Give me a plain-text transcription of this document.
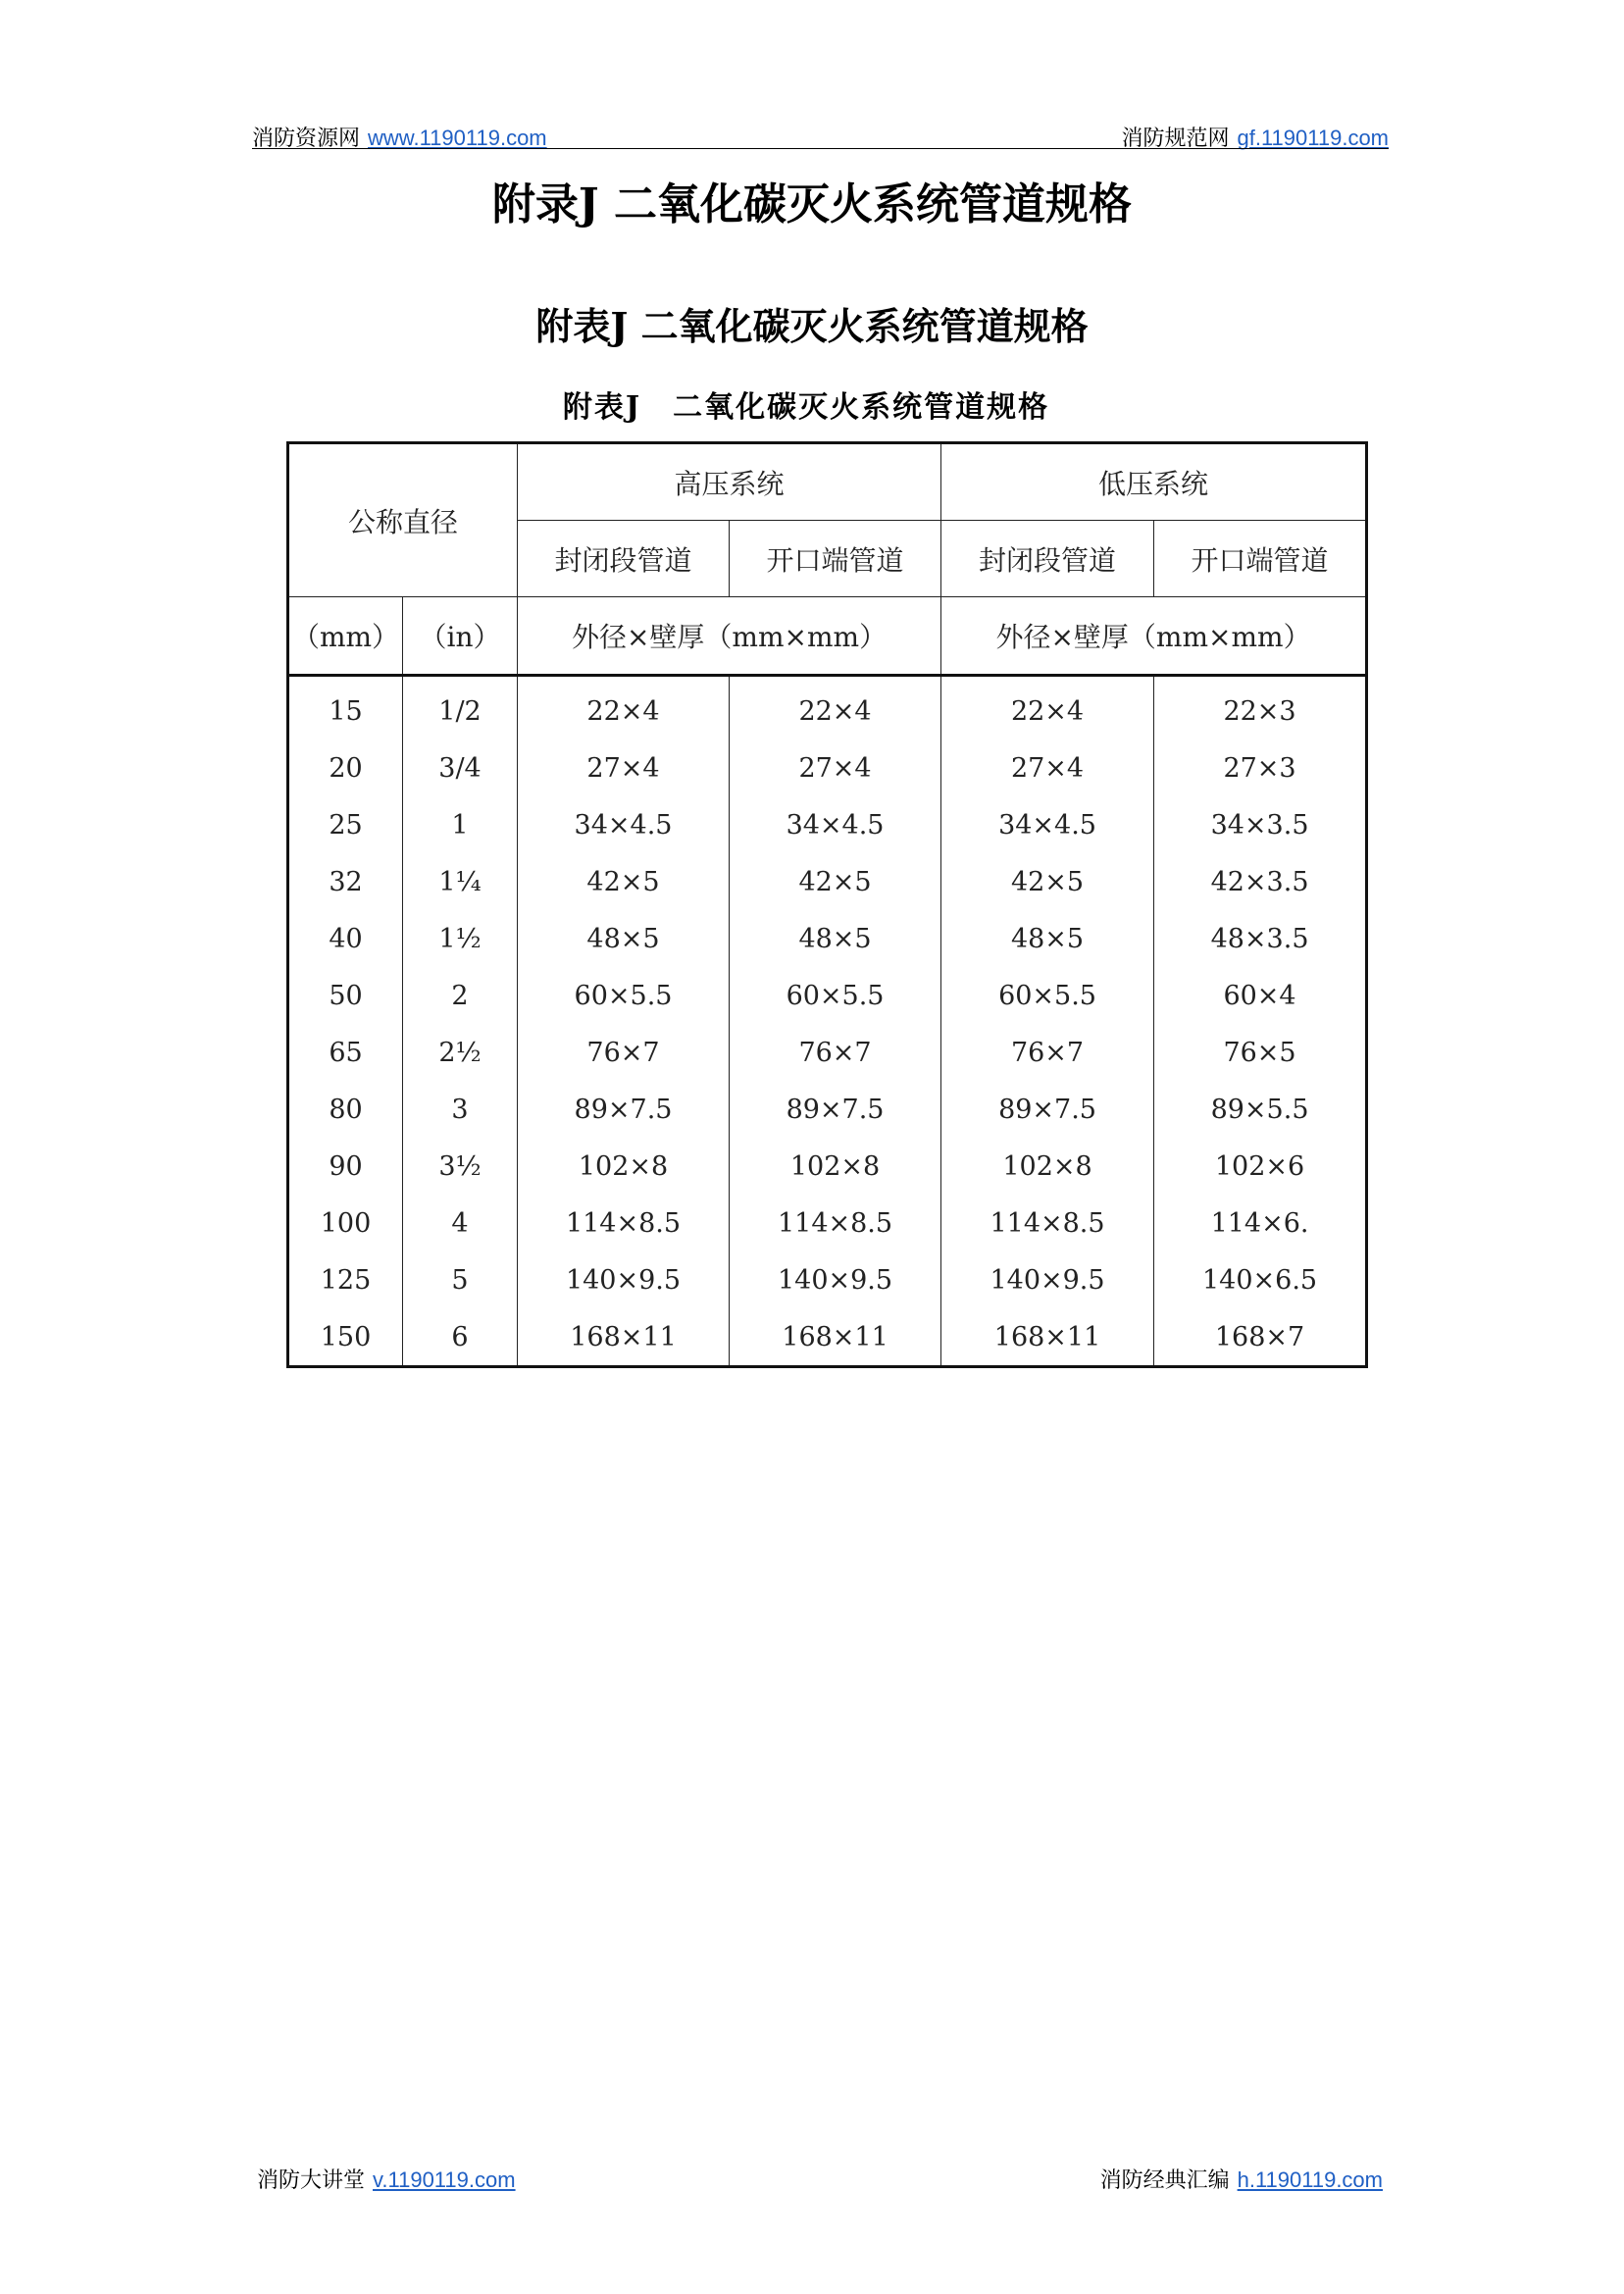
消防资源网 www.1190119.com	消防规范网 gf.1190119.com
附录J 二氧化碳灭火系统管道规格
附表J 二氧化碳灭火系统管道规格
附表J　二氧化碳灭火系统管道规格
公称直径		高压系统		低压系统	
		封闭段管道	开口端管道	封闭段管道	开口端管道
（mm）	（in）	外径×壁厚（mm×mm）		外径×壁厚（mm×mm）	
15	1/2	22×4	22×4	22×4	22×3
20	3/4	27×4	27×4	27×4	27×3
25	1	34×4.5	34×4.5	34×4.5	34×3.5
32	1¼	42×5	42×5	42×5	42×3.5
40	1½	48×5	48×5	48×5	48×3.5
50	2	60×5.5	60×5.5	60×5.5	60×4
65	2½	76×7	76×7	76×7	76×5
80	3	89×7.5	89×7.5	89×7.5	89×5.5
90	3½	102×8	102×8	102×8	102×6
100	4	114×8.5	114×8.5	114×8.5	114×6.
125	5	140×9.5	140×9.5	140×9.5	140×6.5
150	6	168×11	168×11	168×11	168×7
消防大讲堂 v.1190119.com	消防经典汇编 h.1190119.com
